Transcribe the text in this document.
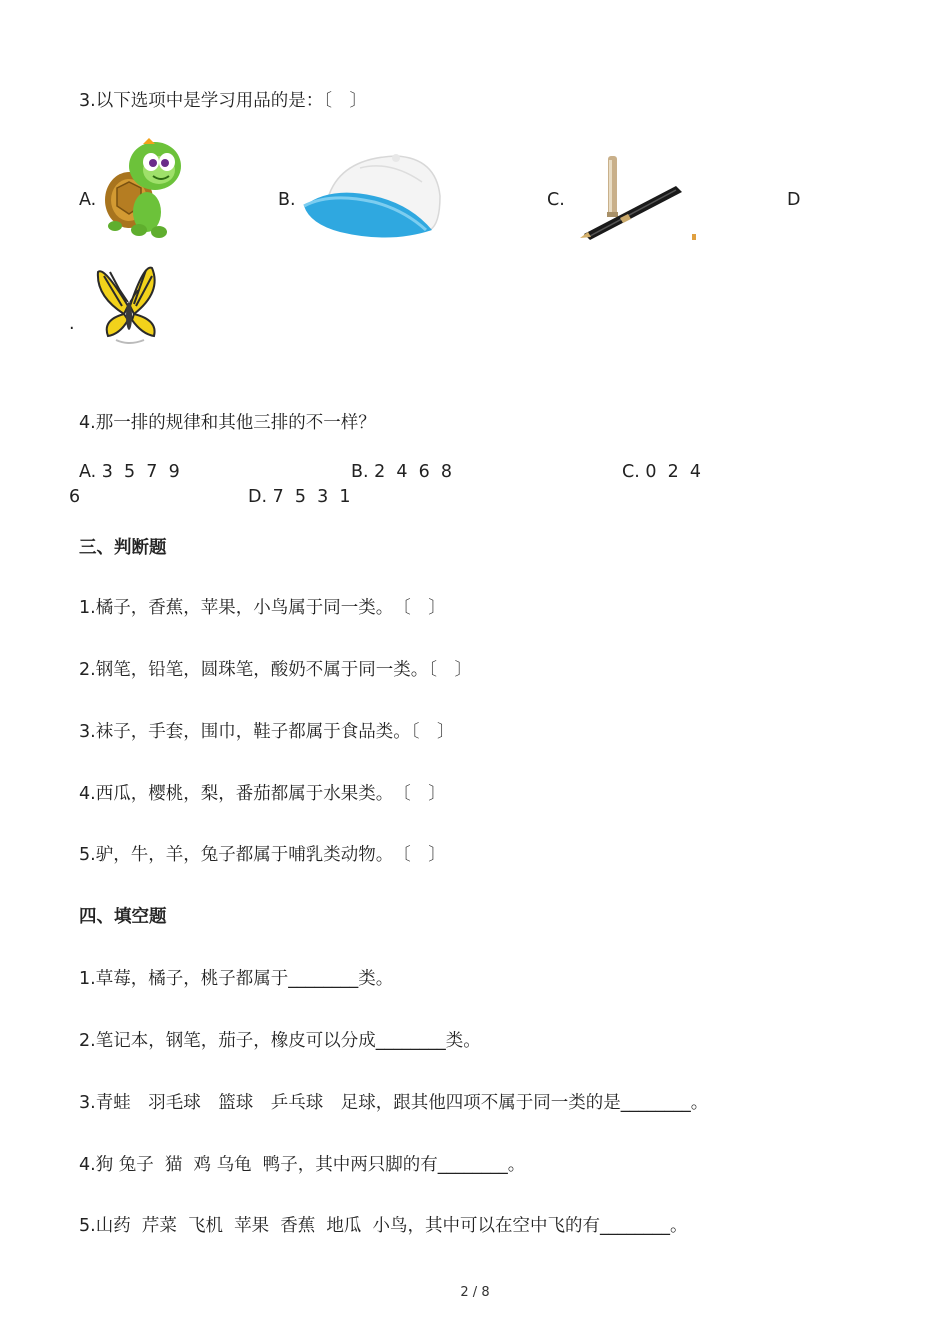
3.以下选项中是学习用品的是：〔　〕
A.	B.	C.	D
.
4.那一排的规律和其他三排的不一样？
A. 3  5  7  9	B. 2  4  6  8	C. 0  2  4
6	D. 7  5  3  1
三、判断题
1.橘子，香蕉，苹果，小鸟属于同一类。　〔　〕
2.钢笔，铅笔，圆珠笔，酸奶不属于同一类。〔　〕
3.袜子，手套，围巾，鞋子都属于食品类。〔　〕
4.西瓜，樱桃，梨，番茄都属于水果类。　〔　〕
5.驴，牛，羊，兔子都属于哺乳类动物。　〔　〕
四、填空题
1.草莓，橘子，桃子都属于________类。
2.笔记本，钢笔，茄子，橡皮可以分成________类。
3.青蛙　羽毛球　篮球　乒乓球　足球，跟其他四项不属于同一类的是________。
4.狗 兔子  猫  鸡 乌龟  鸭子，其中两只脚的有________。
5.山药  芹菜  飞机  苹果  香蕉  地瓜  小鸟，其中可以在空中飞的有________。
2 / 8
